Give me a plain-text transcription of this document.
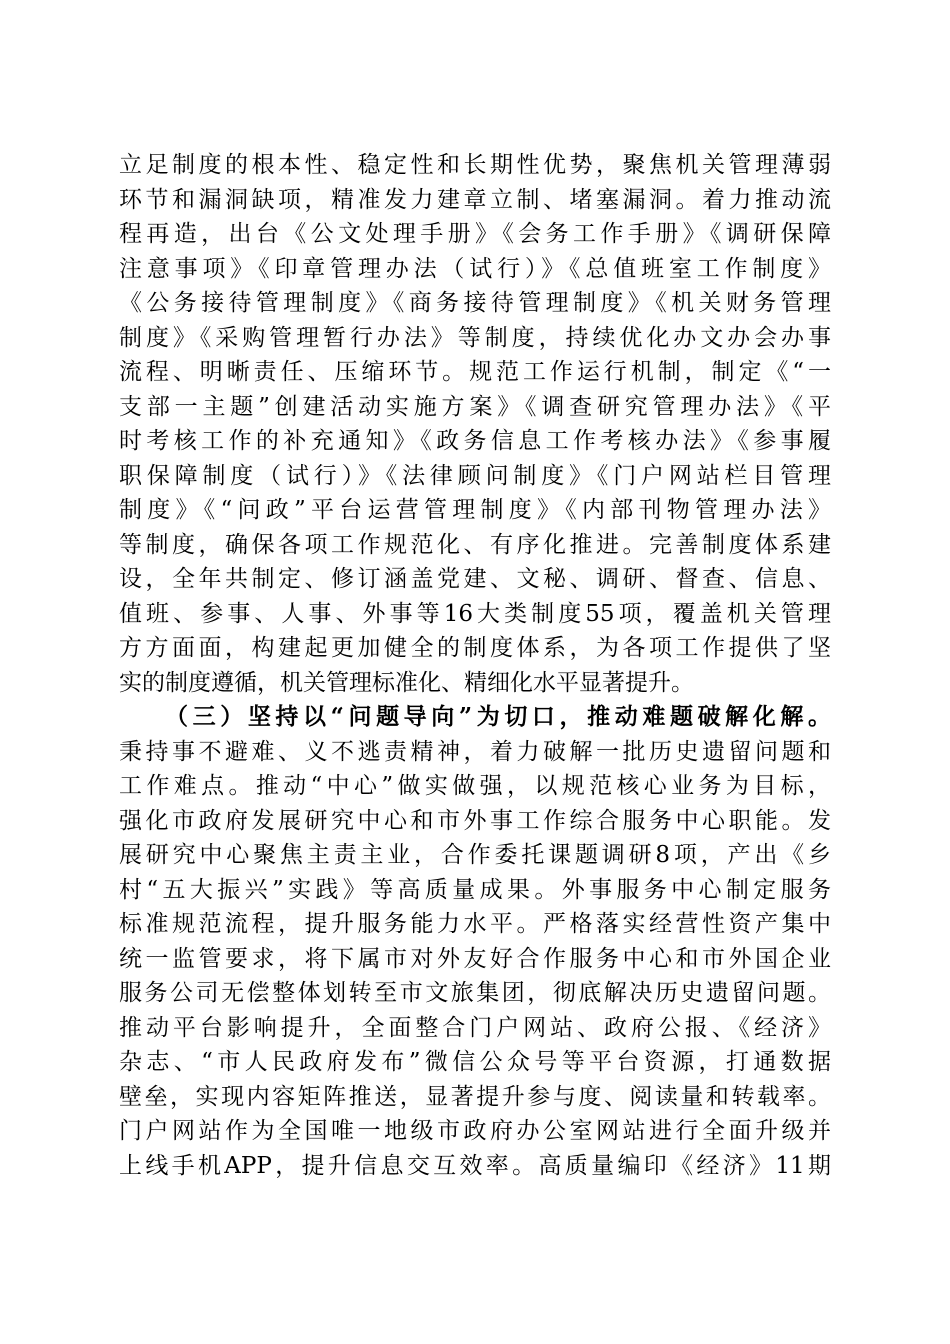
立足制度的根本性、稳定性和长期性优势，聚焦机关管理薄弱
环节和漏洞缺项，精准发力建章立制、堵塞漏洞。着力推动流
程再造，出台《公文处理手册》《会务工作手册》《调研保障
注意事项》《印章管理办法（试行）》《总值班室工作制度》
《公务接待管理制度》《商务接待管理制度》《机关财务管理
制度》《采购管理暂行办法》等制度，持续优化办文办会办事
流程、明晰责任、压缩环节。规范工作运行机制，制定《“一
支部一主题”创建活动实施方案》《调查研究管理办法》《平
时考核工作的补充通知》《政务信息工作考核办法》《参事履
职保障制度（试行）》《法律顾问制度》《门户网站栏目管理
制度》《“问政”平台运营管理制度》《内部刊物管理办法》
等制度，确保各项工作规范化、有序化推进。完善制度体系建
设，全年共制定、修订涵盖党建、文秘、调研、督查、信息、
值班、参事、人事、外事等16大类制度55项，覆盖机关管理
方方面面，构建起更加健全的制度体系，为各项工作提供了坚
实的制度遵循，机关管理标准化、精细化水平显著提升。
（三）坚持以“问题导向”为切口，推动难题破解化解。
秉持事不避难、义不逃责精神，着力破解一批历史遗留问题和
工作难点。推动“中心”做实做强，以规范核心业务为目标，
强化市政府发展研究中心和市外事工作综合服务中心职能。发
展研究中心聚焦主责主业，合作委托课题调研8项，产出《乡
村“五大振兴”实践》等高质量成果。外事服务中心制定服务
标准规范流程，提升服务能力水平。严格落实经营性资产集中
统一监管要求，将下属市对外友好合作服务中心和市外国企业
服务公司无偿整体划转至市文旅集团，彻底解决历史遗留问题。
推动平台影响提升，全面整合门户网站、政府公报、《经济》
杂志、“市人民政府发布”微信公众号等平台资源，打通数据
壁垒，实现内容矩阵推送，显著提升参与度、阅读量和转载率。
门户网站作为全国唯一地级市政府办公室网站进行全面升级并
上线手机APP，提升信息交互效率。高质量编印《经济》11期
